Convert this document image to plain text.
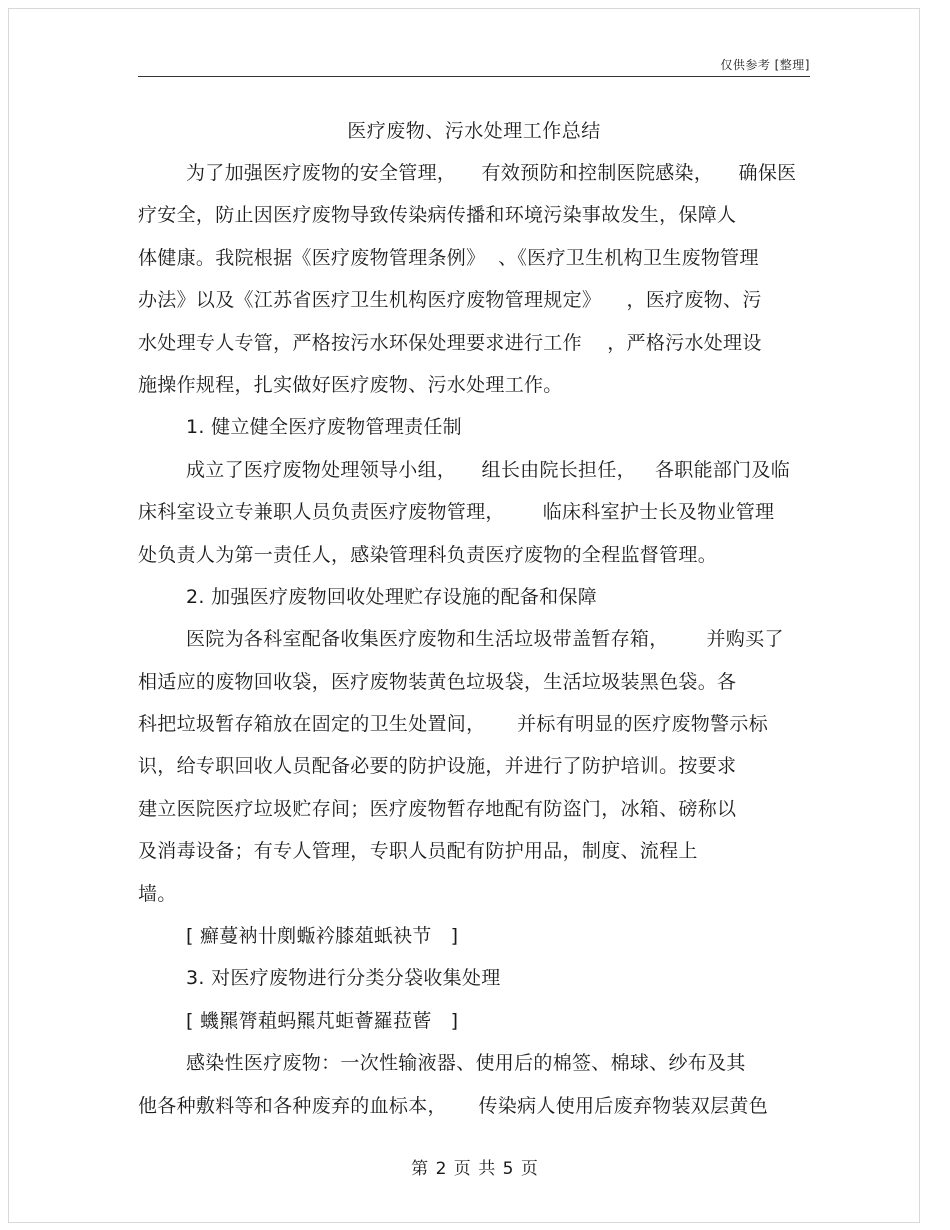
仅供参考 [整理]
医疗废物、污水处理工作总结
为了加强医疗废物的安全管理，    有效预防和控制医院感染，    确保医
疗安全，防止因医疗废物导致传染病传播和环境污染事故发生，保障人
体健康。我院根据《医疗废物管理条例》  、《医疗卫生机构卫生废物管理
办法》以及《江苏省医疗卫生机构医疗废物管理规定》    ，医疗废物、污
水处理专人专管，严格按污水环保处理要求进行工作    ，严格污水处理设
施操作规程，扎实做好医疗废物、污水处理工作。
1. 健立健全医疗废物管理责任制
成立了医疗废物处理领导小组，    组长由院长担任，   各职能部门及临
床科室设立专兼职人员负责医疗废物管理，      临床科室护士长及物业管理
处负责人为第一责任人，感染管理科负责医疗废物的全程监督管理。
2. 加强医疗废物回收处理贮存设施的配备和保障
医院为各科室配备收集医疗废物和生活垃圾带盖暂存箱，      并购买了
相适应的废物回收袋，医疗废物装黄色垃圾袋，生活垃圾装黑色袋。各
科把垃圾暂存箱放在固定的卫生处置间，     并标有明显的医疗废物警示标
识，给专职回收人员配备必要的防护设施，并进行了防护培训。按要求
建立医院医疗垃圾贮存间；医疗废物暂存地配有防盗门，冰箱、磅称以
及消毒设备；有专人管理，专职人员配有防护用品，制度、流程上
墙。
[ 癬蔓衲卄剫蝂衿膝葅蚔袂节   ]
3. 对医疗废物进行分类分袋收集处理
[ 蟣羆膂蒩蚂羆芃蚷薈羅菈蒈   ]
感染性医疗废物：一次性输液器、使用后的棉签、棉球、纱布及其
他各种敷料等和各种废弃的血标本，     传染病人使用后废弃物装双层黄色
第 2 页 共 5 页
